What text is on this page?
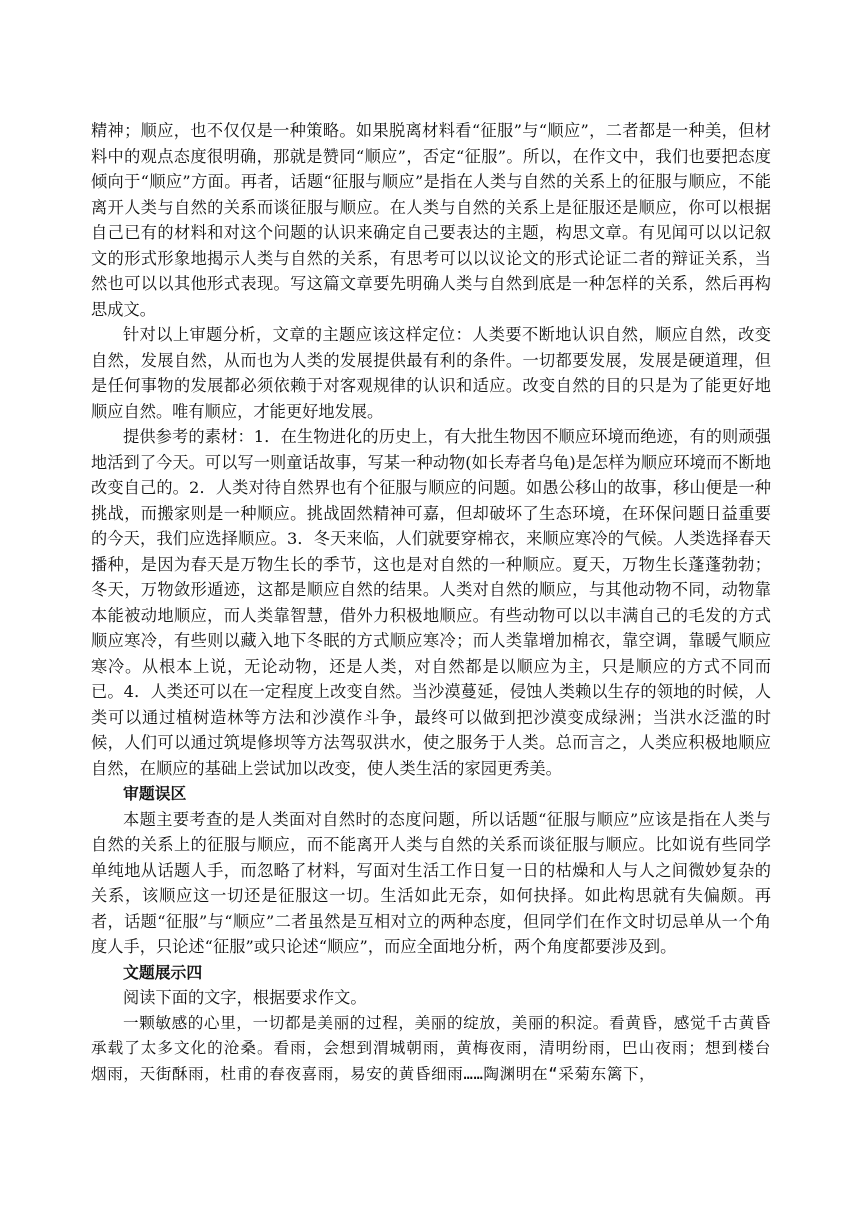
精神；顺应，也不仅仅是一种策略。如果脱离材料看“征服”与“顺应”，二者都是一种美，但材料中的观点态度很明确，那就是赞同“顺应”，否定“征服”。所以，在作文中，我们也要把态度倾向于“顺应”方面。再者，话题“征服与顺应”是指在人类与自然的关系上的征服与顺应，不能离开人类与自然的关系而谈征服与顺应。在人类与自然的关系上是征服还是顺应，你可以根据自己已有的材料和对这个问题的认识来确定自己要表达的主题，构思文章。有见闻可以以记叙文的形式形象地揭示人类与自然的关系，有思考可以以议论文的形式论证二者的辩证关系，当然也可以以其他形式表现。写这篇文章要先明确人类与自然到底是一种怎样的关系，然后再构思成文。

针对以上审题分析，文章的主题应该这样定位：人类要不断地认识自然，顺应自然，改变自然，发展自然，从而也为人类的发展提供最有利的条件。一切都要发展，发展是硬道理，但是任何事物的发展都必须依赖于对客观规律的认识和适应。改变自然的目的只是为了能更好地顺应自然。唯有顺应，才能更好地发展。

提供参考的素材：1．在生物进化的历史上，有大批生物因不顺应环境而绝迹，有的则顽强地活到了今天。可以写一则童话故事，写某一种动物(如长寿者乌龟)是怎样为顺应环境而不断地改变自己的。2．人类对待自然界也有个征服与顺应的问题。如愚公移山的故事，移山便是一种挑战，而搬家则是一种顺应。挑战固然精神可嘉，但却破坏了生态环境，在环保问题日益重要的今天，我们应选择顺应。3．冬天来临，人们就要穿棉衣，来顺应寒冷的气候。人类选择春天播种，是因为春天是万物生长的季节，这也是对自然的一种顺应。夏天，万物生长蓬蓬勃勃；冬天，万物敛形遁迹，这都是顺应自然的结果。人类对自然的顺应，与其他动物不同，动物靠本能被动地顺应，而人类靠智慧，借外力积极地顺应。有些动物可以以丰满自己的毛发的方式顺应寒冷，有些则以藏入地下冬眠的方式顺应寒冷；而人类靠增加棉衣，靠空调，靠暖气顺应寒冷。从根本上说，无论动物，还是人类，对自然都是以顺应为主，只是顺应的方式不同而已。4．人类还可以在一定程度上改变自然。当沙漠蔓延，侵蚀人类赖以生存的领地的时候，人类可以通过植树造林等方法和沙漠作斗争，最终可以做到把沙漠变成绿洲；当洪水泛滥的时候，人们可以通过筑堤修坝等方法驾驭洪水，使之服务于人类。总而言之，人类应积极地顺应自然，在顺应的基础上尝试加以改变，使人类生活的家园更秀美。

审题误区

本题主要考查的是人类面对自然时的态度问题，所以话题“征服与顺应”应该是指在人类与自然的关系上的征服与顺应，而不能离开人类与自然的关系而谈征服与顺应。比如说有些同学单纯地从话题人手，而忽略了材料，写面对生活工作日复一日的枯燥和人与人之间微妙复杂的关系，该顺应这一切还是征服这一切。生活如此无奈，如何抉择。如此构思就有失偏颇。再者，话题“征服”与“顺应”二者虽然是互相对立的两种态度，但同学们在作文时切忌单从一个角度人手，只论述“征服”或只论述“顺应”，而应全面地分析，两个角度都要涉及到。

文题展示四

阅读下面的文字，根据要求作文。

一颗敏感的心里，一切都是美丽的过程，美丽的绽放，美丽的积淀。看黄昏，感觉千古黄昏承载了太多文化的沧桑。看雨，会想到渭城朝雨，黄梅夜雨，清明纷雨，巴山夜雨；想到楼台烟雨，天街酥雨，杜甫的春夜喜雨，易安的黄昏细雨……陶渊明在“采菊东篱下，
